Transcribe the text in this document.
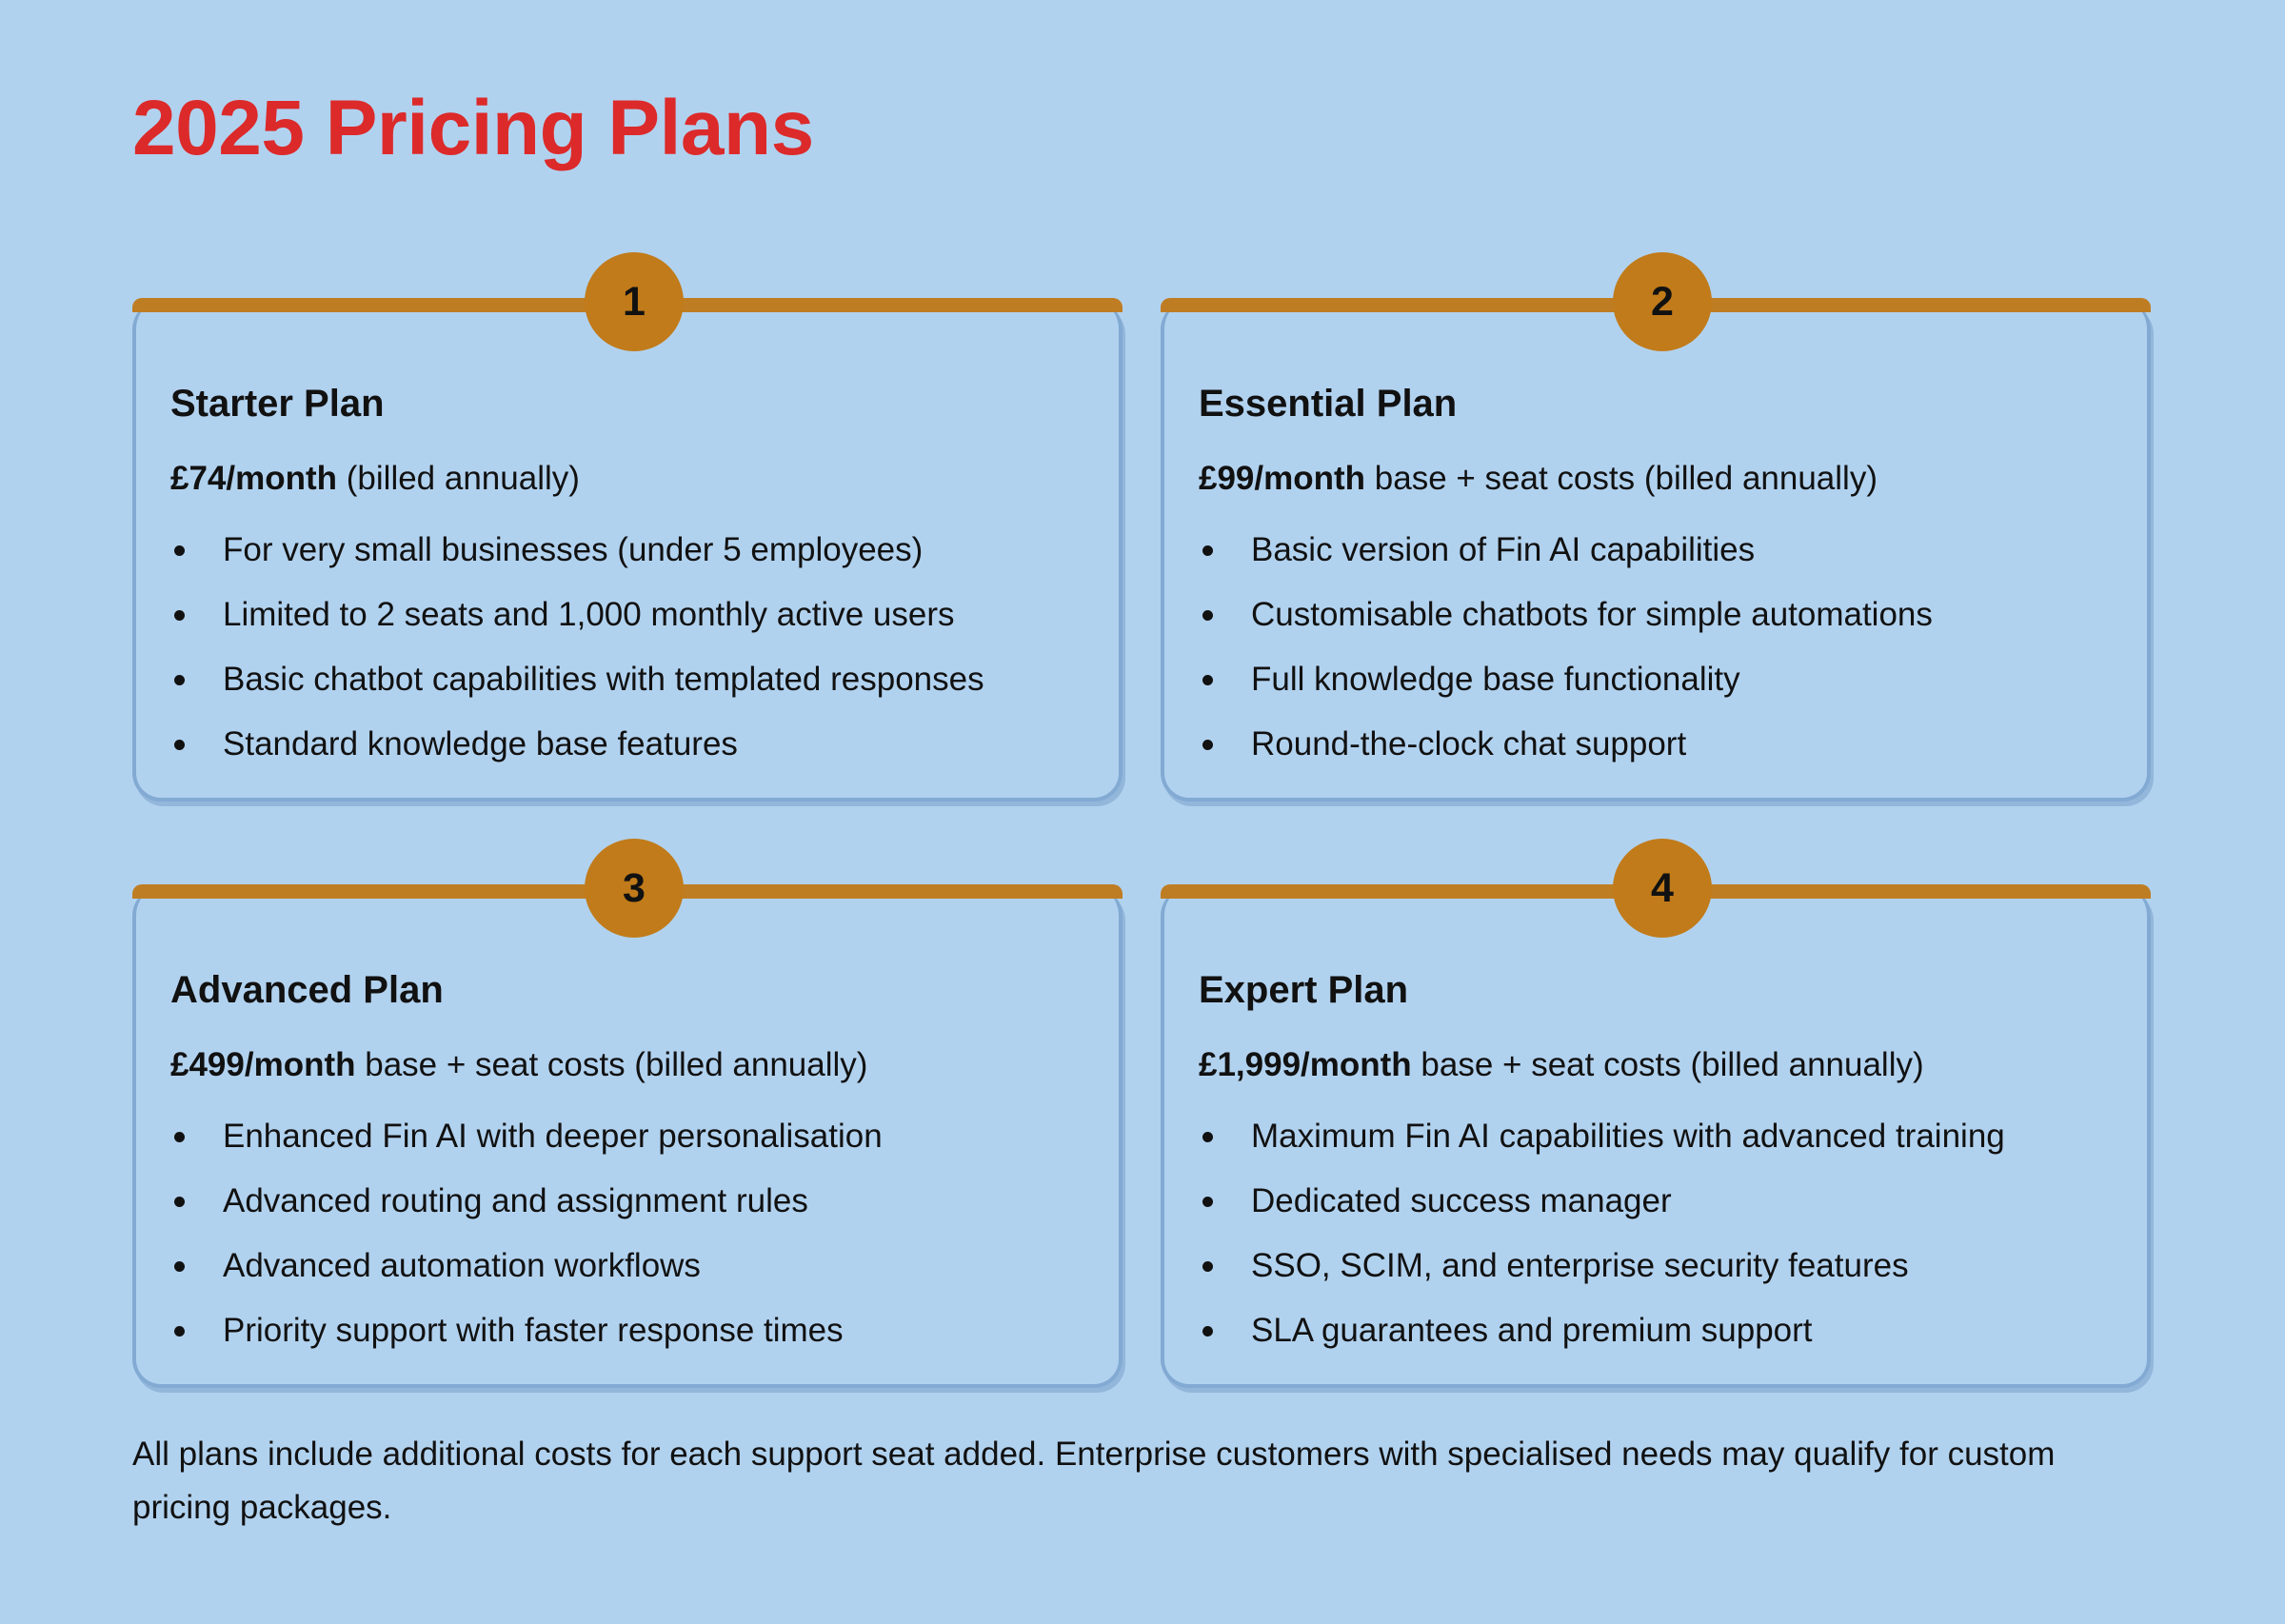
2025 Pricing Plans
1
Starter Plan
£74/month (billed annually)
For very small businesses (under 5 employees)
Limited to 2 seats and 1,000 monthly active users
Basic chatbot capabilities with templated responses
Standard knowledge base features
2
Essential Plan
£99/month base + seat costs (billed annually)
Basic version of Fin AI capabilities
Customisable chatbots for simple automations
Full knowledge base functionality
Round-the-clock chat support
3
Advanced Plan
£499/month base + seat costs (billed annually)
Enhanced Fin AI with deeper personalisation
Advanced routing and assignment rules
Advanced automation workflows
Priority support with faster response times
4
Expert Plan
£1,999/month base + seat costs (billed annually)
Maximum Fin AI capabilities with advanced training
Dedicated success manager
SSO, SCIM, and enterprise security features
SLA guarantees and premium support

All plans include additional costs for each support seat added. Enterprise customers with specialised needs may qualify for custom pricing packages.
